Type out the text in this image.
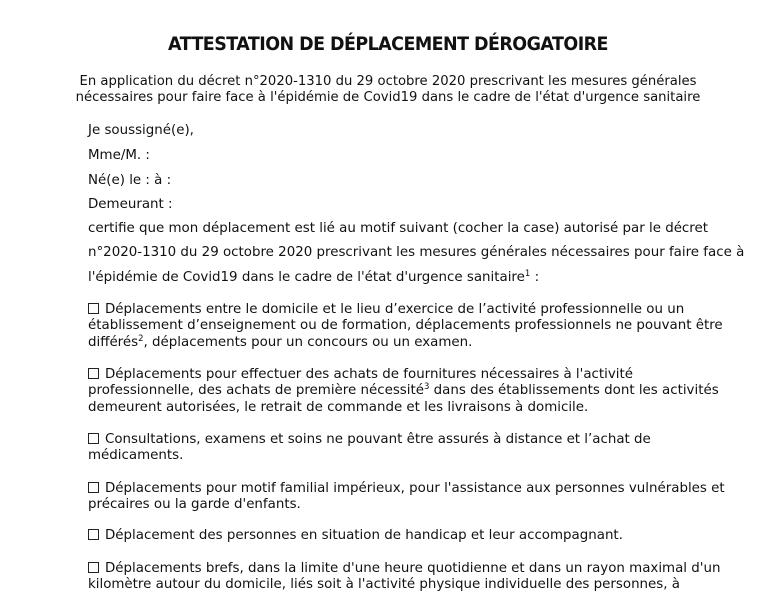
ATTESTATION DE DÉPLACEMENT DÉROGATOIRE

En application du décret n°2020-1310 du 29 octobre 2020 prescrivant les mesures générales
nécessaires pour faire face à l'épidémie de Covid19 dans le cadre de l'état d'urgence sanitaire

Je soussigné(e),

Mme/M. :

Né(e) le : à :

Demeurant :

certifie que mon déplacement est lié au motif suivant (cocher la case) autorisé par le décret

n°2020-1310 du 29 octobre 2020 prescrivant les mesures générales nécessaires pour faire face à

l'épidémie de Covid19 dans le cadre de l'état d'urgence sanitaire$^1$ :

Déplacements entre le domicile et le lieu d’exercice de l’activité professionnelle ou un
établissement d’enseignement ou de formation, déplacements professionnels ne pouvant être
différés$^2$, déplacements pour un concours ou un examen.
Déplacements pour effectuer des achats de fournitures nécessaires à l'activité
professionnelle, des achats de première nécessité$^3$ dans des établissements dont les activités
demeurent autorisées, le retrait de commande et les livraisons à domicile.
Consultations, examens et soins ne pouvant être assurés à distance et l’achat de
médicaments.
Déplacements pour motif familial impérieux, pour l'assistance aux personnes vulnérables et
précaires ou la garde d'enfants.
Déplacement des personnes en situation de handicap et leur accompagnant.
Déplacements brefs, dans la limite d'une heure quotidienne et dans un rayon maximal d'un
kilomètre autour du domicile, liés soit à l'activité physique individuelle des personnes, à
